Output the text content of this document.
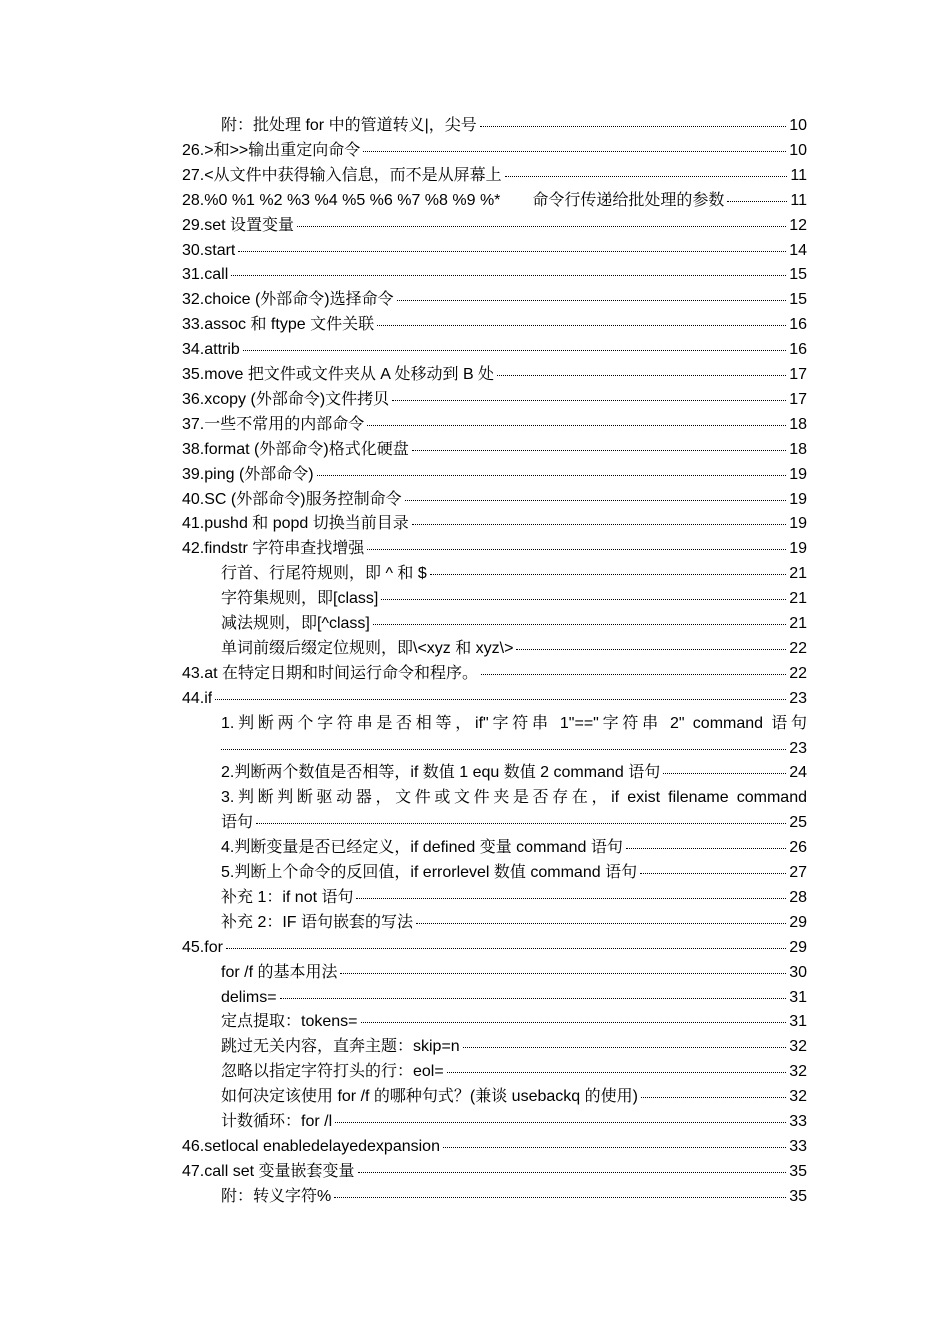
附：批处理 for 中的管道转义|，尖号	10
26.>和>>输出重定向命令	10
27.<从文件中获得输入信息，而不是从屏幕上	11
28.%0 %1 %2 %3 %4 %5 %6 %7 %8 %9 %*　　命令行传递给批处理的参数	11
29.set 设置变量	12
30.start	14
31.call	15
32.choice (外部命令)选择命令	15
33.assoc 和 ftype 文件关联	16
34.attrib	16
35.move 把文件或文件夹从 A 处移动到 B 处	17
36.xcopy (外部命令)文件拷贝	17
37.一些不常用的内部命令	18
38.format (外部命令)格式化硬盘	18
39.ping (外部命令)	19
40.SC (外部命令)服务控制命令	19
41.pushd 和 popd 切换当前目录	19
42.findstr 字符串查找增强	19
行首、行尾符规则，即 ^ 和 $	21
字符集规则，即[class]	21
减法规则，即[^class]	21
单词前缀后缀定位规则，即\<xyz 和 xyz\>	22
43.at 在特定日期和时间运行命令和程序。	22
44.if	23
1.判断两个字符串是否相等，if"字符串 1"=="字符串 2" command 语句
23
2.判断两个数值是否相等，if 数值 1 equ 数值 2 command 语句	24
3.判断判断驱动器，文件或文件夹是否存在，if exist filename command
语句	25
4.判断变量是否已经定义，if defined 变量 command 语句	26
5.判断上个命令的反回值，if errorlevel 数值 command 语句	27
补充 1：if not 语句	28
补充 2：IF 语句嵌套的写法	29
45.for	29
for /f 的基本用法	30
delims=	31
定点提取：tokens=	31
跳过无关内容，直奔主题：skip=n	32
忽略以指定字符打头的行：eol=	32
如何决定该使用 for /f 的哪种句式？(兼谈 usebackq 的使用)	32
计数循环：for /l	33
46.setlocal enabledelayedexpansion	33
47.call set 变量嵌套变量	35
附：转义字符%	35
